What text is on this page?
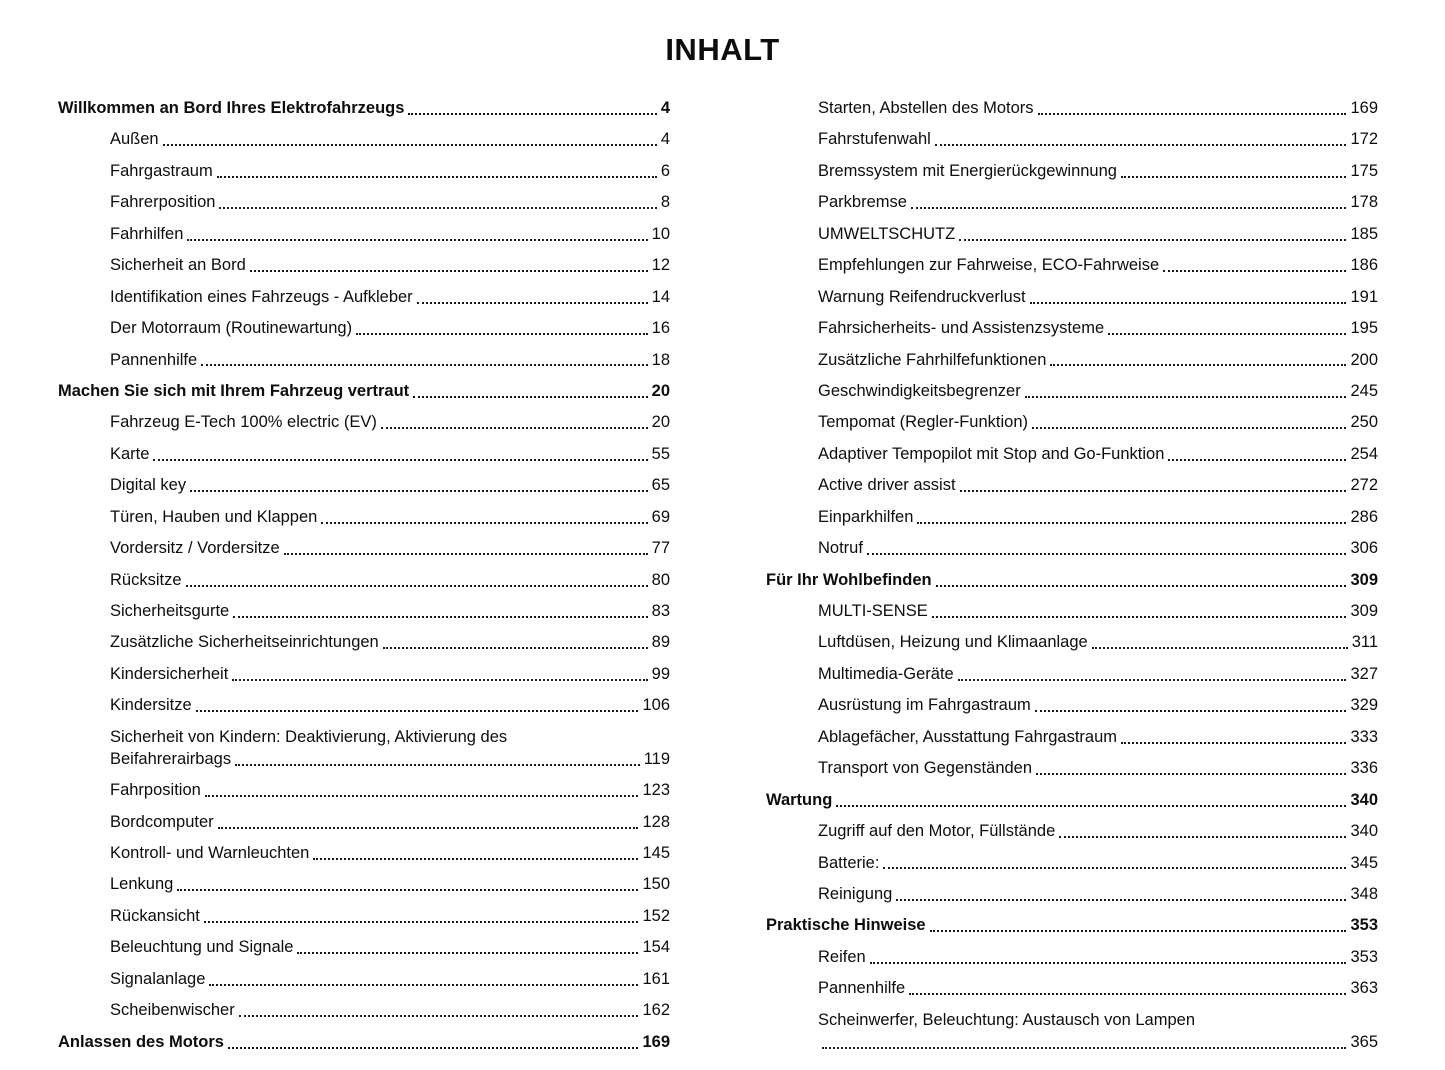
INHALT
Willkommen an Bord Ihres Elektrofahrzeugs	4
Außen	4
Fahrgastraum	6
Fahrerposition	8
Fahrhilfen	10
Sicherheit an Bord	12
Identifikation eines Fahrzeugs - Aufkleber	14
Der Motorraum (Routinewartung)	16
Pannenhilfe	18
Machen Sie sich mit Ihrem Fahrzeug vertraut	20
Fahrzeug E-Tech 100% electric (EV)	20
Karte	55
Digital key	65
Türen, Hauben und Klappen	69
Vordersitz / Vordersitze	77
Rücksitze	80
Sicherheitsgurte	83
Zusätzliche Sicherheitseinrichtungen	89
Kindersicherheit	99
Kindersitze	106
Sicherheit von Kindern: Deaktivierung, Aktivierung des
Beifahrerairbags	119
Fahrposition	123
Bordcomputer	128
Kontroll- und Warnleuchten	145
Lenkung	150
Rückansicht	152
Beleuchtung und Signale	154
Signalanlage	161
Scheibenwischer	162
Anlassen des Motors	169
Starten, Abstellen des Motors	169
Fahrstufenwahl	172
Bremssystem mit Energierückgewinnung	175
Parkbremse	178
UMWELTSCHUTZ	185
Empfehlungen zur Fahrweise, ECO-Fahrweise	186
Warnung Reifendruckverlust	191
Fahrsicherheits- und Assistenzsysteme	195
Zusätzliche Fahrhilfefunktionen	200
Geschwindigkeitsbegrenzer	245
Tempomat (Regler-Funktion)	250
Adaptiver Tempopilot mit Stop and Go-Funktion	254
Active driver assist	272
Einparkhilfen	286
Notruf	306
Für Ihr Wohlbefinden	309
MULTI-SENSE	309
Luftdüsen, Heizung und Klimaanlage	311
Multimedia-Geräte	327
Ausrüstung im Fahrgastraum	329
Ablagefächer, Ausstattung Fahrgastraum	333
Transport von Gegenständen	336
Wartung	340
Zugriff auf den Motor, Füllstände	340
Batterie:	345
Reinigung	348
Praktische Hinweise	353
Reifen	353
Pannenhilfe	363
Scheinwerfer, Beleuchtung: Austausch von Lampen
365
